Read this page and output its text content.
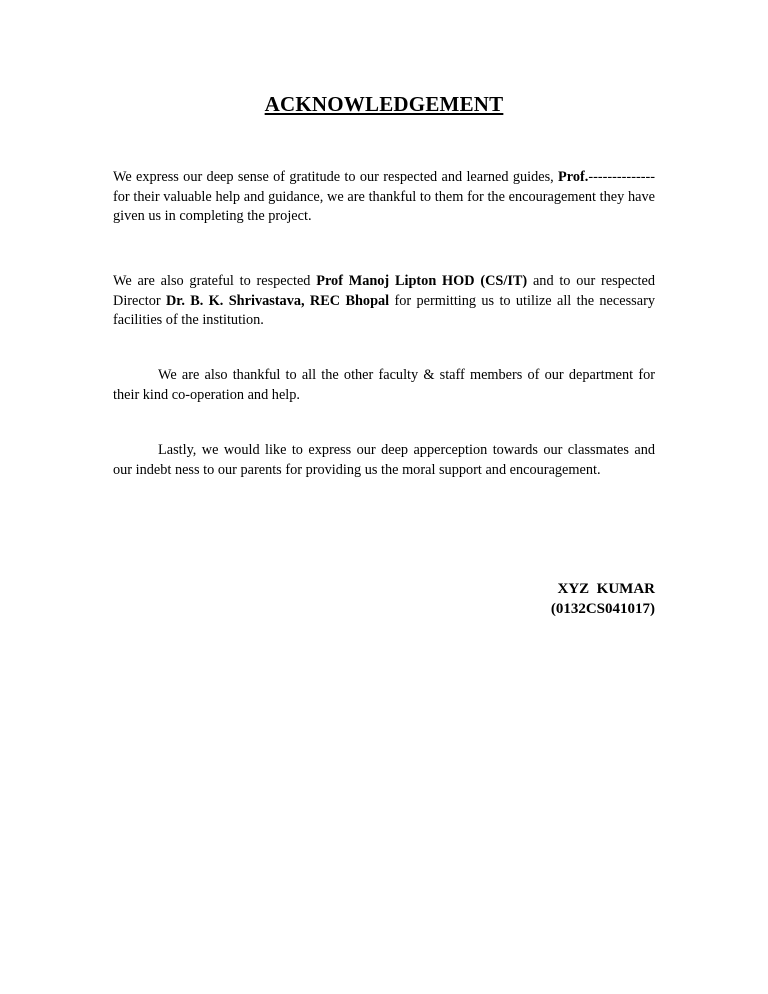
ACKNOWLEDGEMENT

We express our deep sense of gratitude to our respected and learned guides, Prof.-------------- for their valuable help and guidance, we are thankful to them for the encouragement they have given us in completing the project.

We are also grateful to respected Prof Manoj Lipton HOD (CS/IT) and to our respected Director Dr. B. K. Shrivastava, REC Bhopal for permitting us to utilize all the necessary facilities of the institution.

We are also thankful to all the other faculty & staff members of our department for their kind co-operation and help.

Lastly, we would like to express our deep apperception towards our classmates and our indebt ness to our parents for providing us the moral support and encouragement.

XYZ  KUMAR
(0132CS041017)
